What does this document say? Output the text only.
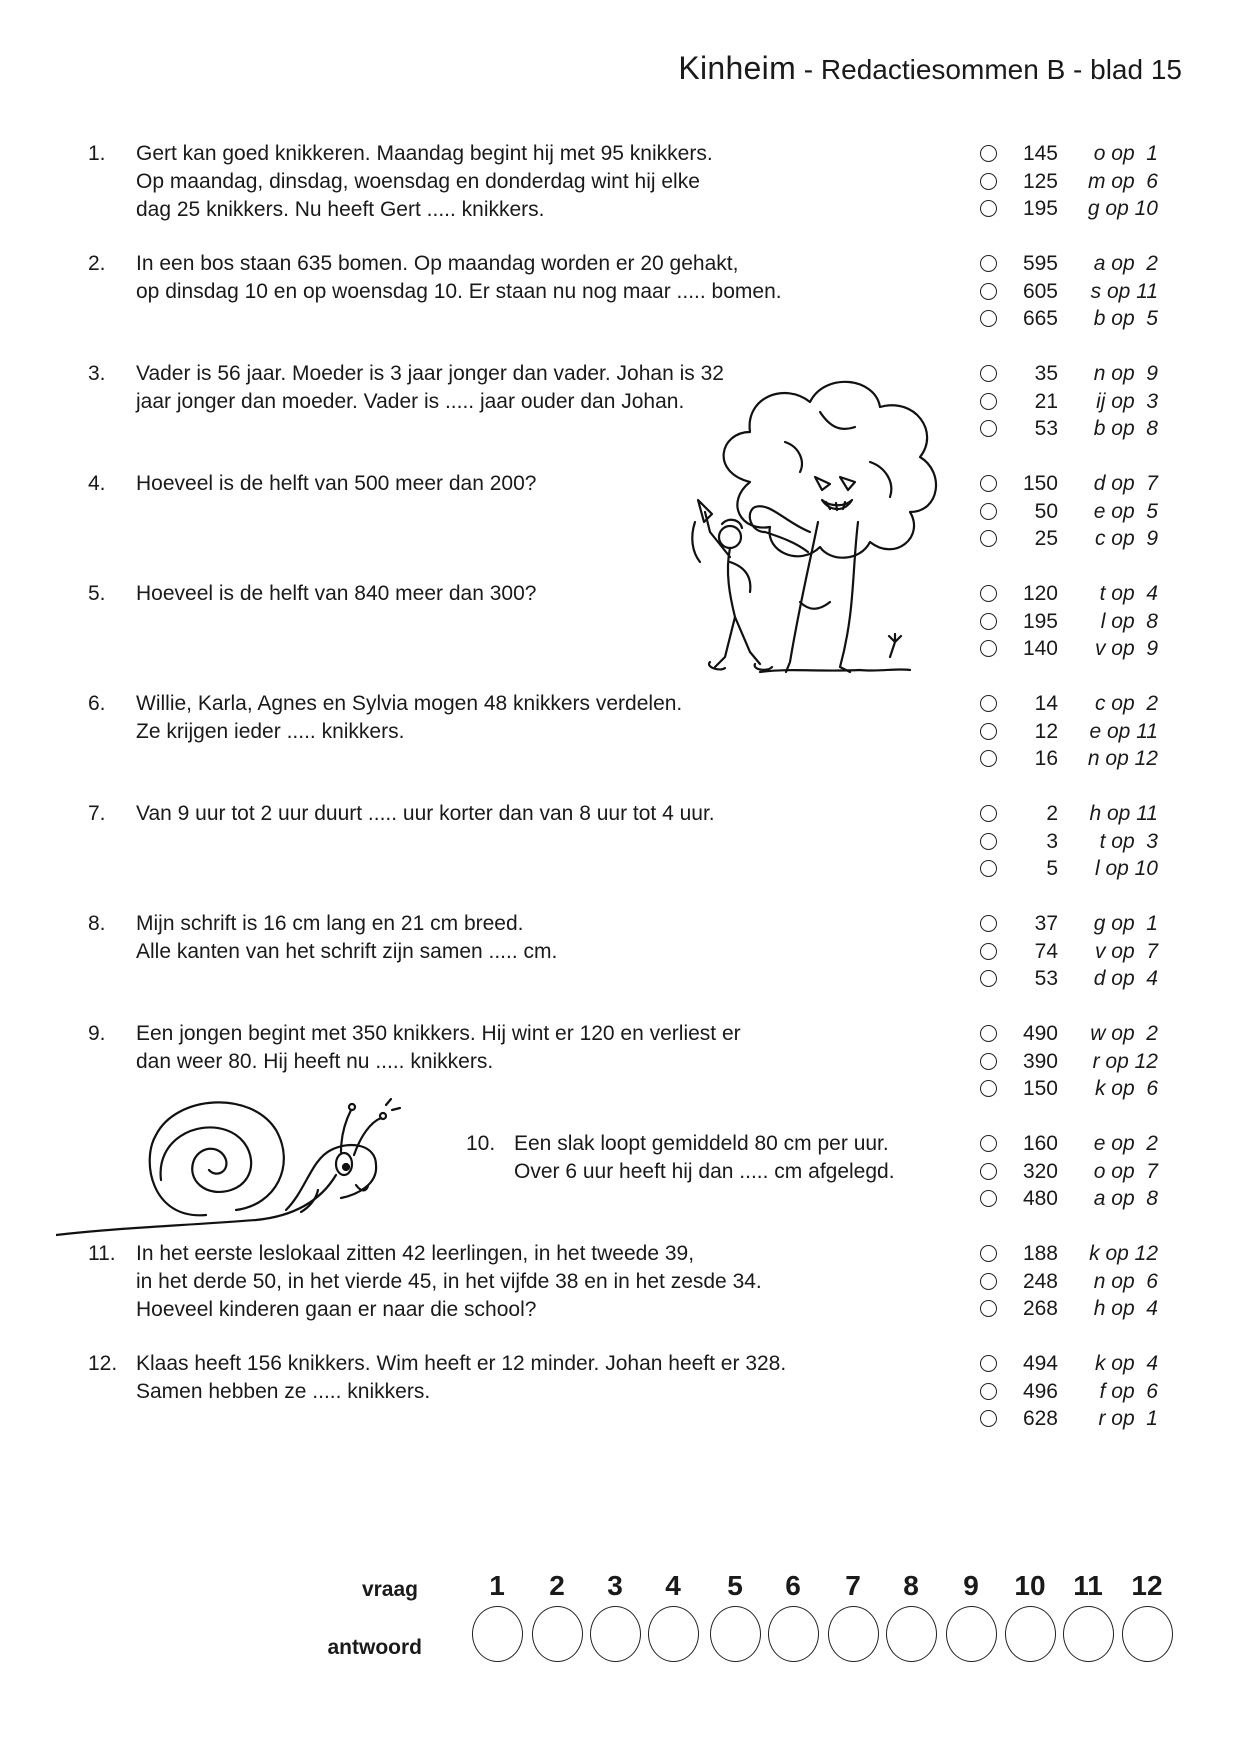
Kinheim - Redactiesommen B - blad 15
1. Gert kan goed knikkeren. Maandag begint hij met 95 knikkers.
Op maandag, dinsdag, woensdag en donderdag wint hij elke
dag 25 knikkers. Nu heeft Gert ..... knikkers.
145	o op  1
125	m op  6
195	g op 10
2. In een bos staan 635 bomen. Op maandag worden er 20 gehakt,
op dinsdag 10 en op woensdag 10. Er staan nu nog maar ..... bomen.
595	a op  2
605	s op 11
665	b op  5
3. Vader is 56 jaar. Moeder is 3 jaar jonger dan vader. Johan is 32
jaar jonger dan moeder. Vader is ..... jaar ouder dan Johan.
35	n op  9
21	ij op  3
53	b op  8
4. Hoeveel is de helft van 500 meer dan 200?	150	d op  7
50	e op  5
25	c op  9
5. Hoeveel is de helft van 840 meer dan 300?	120	t op  4
195	l op  8
140	v op  9
6. Willie, Karla, Agnes en Sylvia mogen 48 knikkers verdelen.
Ze krijgen ieder ..... knikkers.
14	c op  2
12	e op 11
16	n op 12
7. Van 9 uur tot 2 uur duurt ..... uur korter dan van 8 uur tot 4 uur.	2	h op 11
3	t op  3
5	l op 10
8. Mijn schrift is 16 cm lang en 21 cm breed.
Alle kanten van het schrift zijn samen ..... cm.
37	g op  1
74	v op  7
53	d op  4
9. Een jongen begint met 350 knikkers. Hij wint er 120 en verliest er
dan weer 80. Hij heeft nu ..... knikkers.
490	w op  2
390	r op 12
150	k op  6
10. Een slak loopt gemiddeld 80 cm per uur.
Over 6 uur heeft hij dan ..... cm afgelegd.
160	e op  2
320	o op  7
480	a op  8
11. In het eerste leslokaal zitten 42 leerlingen, in het tweede 39,
in het derde 50, in het vierde 45, in het vijfde 38 en in het zesde 34.
Hoeveel kinderen gaan er naar die school?
188	k op 12
248	n op  6
268	h op  4
12. Klaas heeft 156 knikkers. Wim heeft er 12 minder. Johan heeft er 328.
Samen hebben ze ..... knikkers.
494	k op  4
496	f op  6
628	r op  1
vraag
antwoord
1	2	3	4	5	6	7	8	9	10 11	12
